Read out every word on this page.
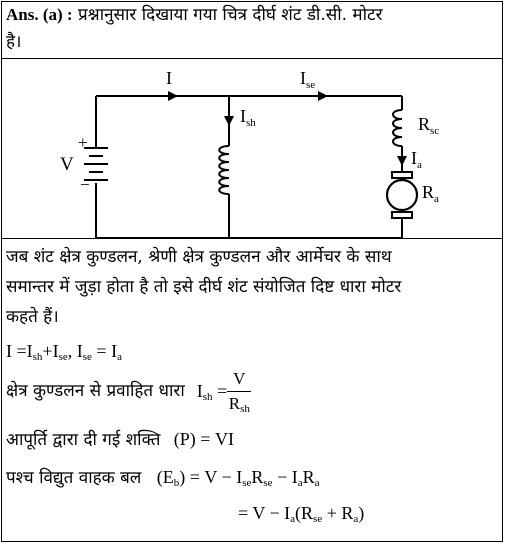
Ans. (a) : प्रश्नानुसार दिखाया गया चित्र दीर्घ शंट डी.सी. मोटर
है।
I	$I_{se}$
$I_{sh}$	$R_{sc}$
$I_a$
$R_a$
V
+
−
जब शंट क्षेत्र कुण्डलन, श्रेणी क्षेत्र कुण्डलन और आर्मेचर के साथ
समान्तर में जुड़ा होता है तो इसे दीर्घ शंट संयोजित दिष्ट धारा मोटर
कहते हैं।
$I =I_{sh}+I_{se}$, $I_{se} = I_a$
क्षेत्र कुण्डलन से प्रवाहित धारा $I_{sh} = \frac{V}{R_{sh}}$
आपूर्ति द्वारा दी गई शक्ति (P) = VI
पश्च विद्युत वाहक बल $(E_b) = V - I_{se}R_{se} - I_aR_a$
= $V - I_a(R_{se} + R_a)$
